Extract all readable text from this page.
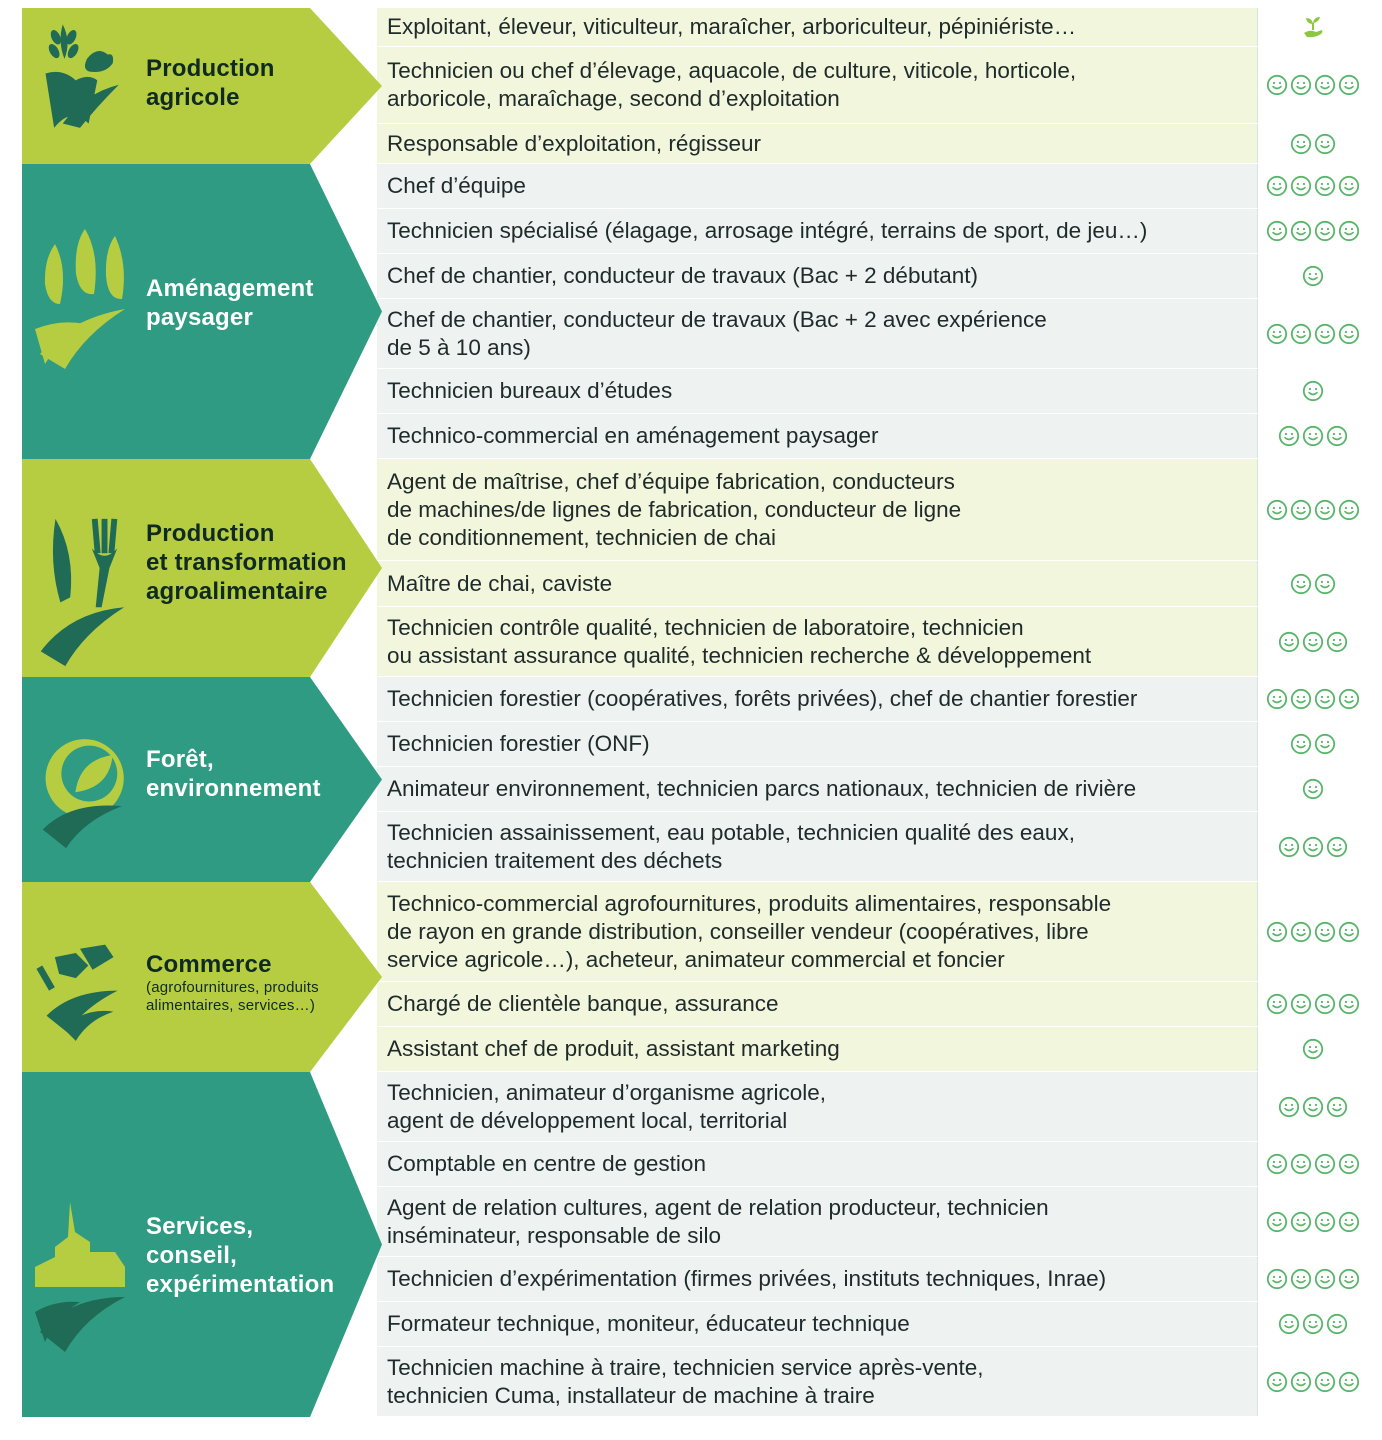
Exploitant, éleveur, viticulteur, maraîcher, arboriculteur, pépiniériste…
Technicien ou chef d’élevage, aquacole, de culture, viticole, horticole,
arboricole, maraîchage, second d’exploitation
Responsable d’exploitation, régisseur
Production
agricole
Chef d’équipe
Technicien spécialisé (élagage, arrosage intégré, terrains de sport, de jeu…)
Chef de chantier, conducteur de travaux (Bac + 2 débutant)
Chef de chantier, conducteur de travaux (Bac + 2 avec expérience
de 5 à 10 ans)
Technicien bureaux d’études
Technico-commercial en aménagement paysager
Aménagement
paysager
Agent de maîtrise, chef d’équipe fabrication, conducteurs
de machines/de lignes de fabrication, conducteur de ligne
de conditionnement, technicien de chai
Maître de chai, caviste
Technicien contrôle qualité, technicien de laboratoire, technicien
ou assistant assurance qualité, technicien recherche & développement
Production
et transformation
agroalimentaire
Technicien forestier (coopératives, forêts privées), chef de chantier forestier
Technicien forestier (ONF)
Animateur environnement, technicien parcs nationaux, technicien de rivière
Technicien assainissement, eau potable, technicien qualité des eaux,
technicien traitement des déchets
Forêt,
environnement
Technico-commercial agrofournitures, produits alimentaires, responsable
de rayon en grande distribution, conseiller vendeur (coopératives, libre
service agricole…), acheteur, animateur commercial et foncier
Chargé de clientèle banque, assurance
Assistant chef de produit, assistant marketing
Commerce
(agrofournitures, produits
alimentaires, services…)
Technicien, animateur d’organisme agricole,
agent de développement local, territorial
Comptable en centre de gestion
Agent de relation cultures, agent de relation producteur, technicien
inséminateur, responsable de silo
Technicien d’expérimentation (firmes privées, instituts techniques, Inrae)
Formateur technique, moniteur, éducateur technique
Technicien machine à traire, technicien service après-vente,
technicien Cuma, installateur de machine à traire
Services,
conseil,
expérimentation
